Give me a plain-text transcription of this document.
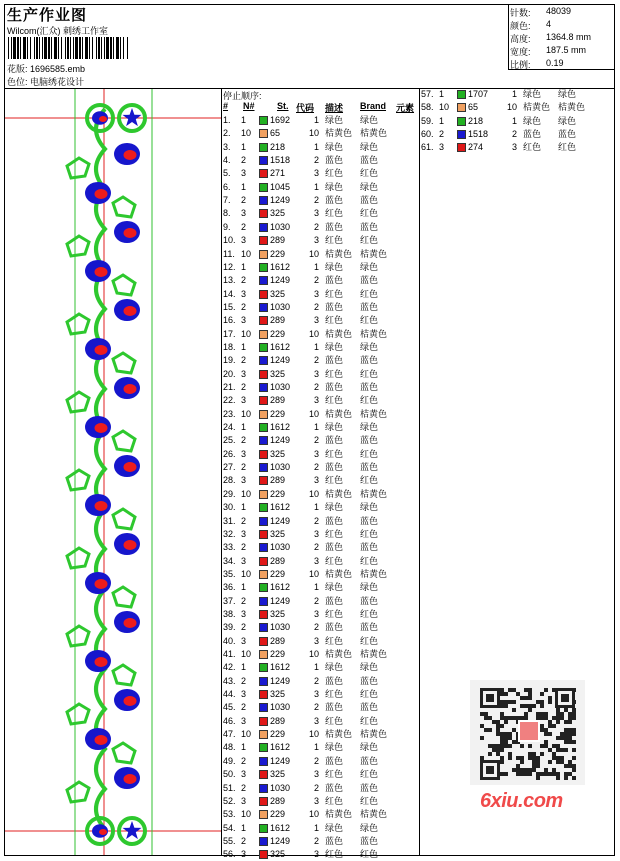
生产作业图
Wilcom(汇众) 刺绣工作室
花版: 1696585.emb
色位: 电脑绣花设计
针数: 48039
颜色: 4
高度: 1364.8 mm
宽度: 187.5 mm
比例: 0.19
停止顺序:
# N# St. 代码 描述 Brand 元素
1. 1	1692	1 绿色 绿色
2. 10 65	10 桔黄色 桔黄色
3. 1	218	1 绿色 绿色
4. 2	1518	2 蓝色 蓝色
5. 3	271	3 红色 红色
6. 1	1045	1 绿色 绿色
7. 2	1249	2 蓝色 蓝色
8. 3	325	3 红色 红色
9. 2	1030	2 蓝色 蓝色
10. 3	289	3 红色 红色
11. 10 229	10 桔黄色 桔黄色
12. 1	1612	1 绿色 绿色
13. 2	1249	2 蓝色 蓝色
14. 3	325	3 红色 红色
15. 2	1030	2 蓝色 蓝色
16. 3	289	3 红色 红色
17. 10 229	10 桔黄色 桔黄色
18. 1	1612	1 绿色 绿色
19. 2	1249	2 蓝色 蓝色
20. 3	325	3 红色 红色
21. 2	1030	2 蓝色 蓝色
22. 3	289	3 红色 红色
23. 10 229	10 桔黄色 桔黄色
24. 1	1612	1 绿色 绿色
25. 2	1249	2 蓝色 蓝色
26. 3	325	3 红色 红色
27. 2	1030	2 蓝色 蓝色
28. 3	289	3 红色 红色
29. 10 229	10 桔黄色 桔黄色
30. 1	1612	1 绿色 绿色
31. 2	1249	2 蓝色 蓝色
32. 3	325	3 红色 红色
33. 2	1030	2 蓝色 蓝色
34. 3	289	3 红色 红色
35. 10 229	10 桔黄色 桔黄色
36. 1	1612	1 绿色 绿色
37. 2	1249	2 蓝色 蓝色
38. 3	325	3 红色 红色
39. 2	1030	2 蓝色 蓝色
40. 3	289	3 红色 红色
41. 10 229	10 桔黄色 桔黄色
42. 1	1612	1 绿色 绿色
43. 2	1249	2 蓝色 蓝色
44. 3	325	3 红色 红色
45. 2	1030	2 蓝色 蓝色
46. 3	289	3 红色 红色
47. 10 229	10 桔黄色 桔黄色
48. 1	1612	1 绿色 绿色
49. 2	1249	2 蓝色 蓝色
50. 3	325	3 红色 红色
51. 2	1030	2 蓝色 蓝色
52. 3	289	3 红色 红色
53. 10 229	10 桔黄色 桔黄色
54. 1	1612	1 绿色 绿色
55. 2	1249	2 蓝色 蓝色
56. 3	325	3 红色 红色
57. 1	1707	1 绿色 绿色
58. 10 65	10 桔黄色 桔黄色
59. 1	218	1 绿色 绿色
60. 2	1518	2 蓝色 蓝色
61. 3	274	3 红色 红色
6xiu.com
